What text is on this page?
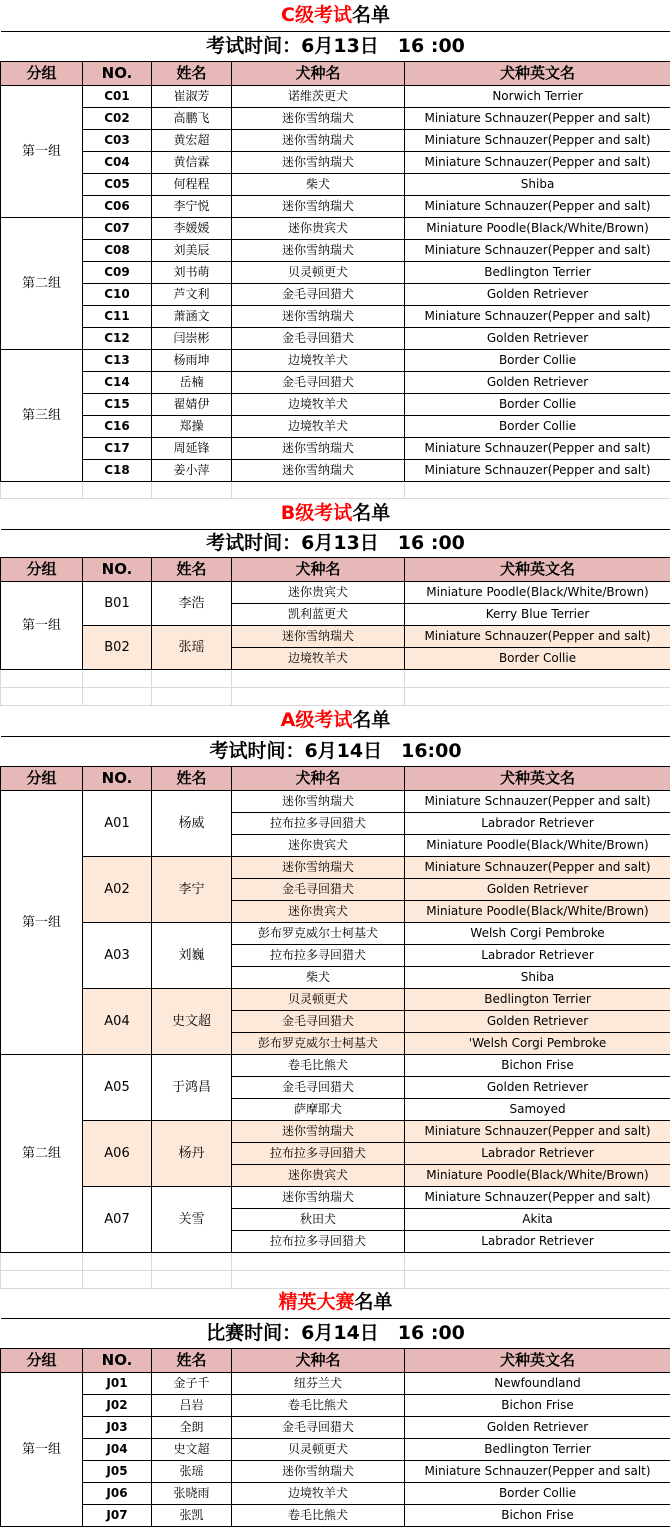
C级考试名单				
考试时间：6月13日　16 :00				
分组	NO.	姓名	犬种名	犬种英文名
第一组	C01	崔淑芳	诺维茨更犬	Norwich Terrier
	C02	高鹏飞	迷你雪纳瑞犬	Miniature Schnauzer(Pepper and salt)
	C03	黄宏超	迷你雪纳瑞犬	Miniature Schnauzer(Pepper and salt)
	C04	黄信霖	迷你雪纳瑞犬	Miniature Schnauzer(Pepper and salt)
	C05	何程程	柴犬	Shiba
	C06	李宁悦	迷你雪纳瑞犬	Miniature Schnauzer(Pepper and salt)
第二组	C07	李媛媛	迷你贵宾犬	Miniature Poodle(Black/White/Brown)
	C08	刘美辰	迷你雪纳瑞犬	Miniature Schnauzer(Pepper and salt)
	C09	刘书萌	贝灵顿更犬	Bedlington Terrier
	C10	芦文利	金毛寻回猎犬	Golden Retriever
	C11	萧涵文	迷你雪纳瑞犬	Miniature Schnauzer(Pepper and salt)
	C12	闫崇彬	金毛寻回猎犬	Golden Retriever
第三组	C13	杨雨坤	边境牧羊犬	Border Collie
	C14	岳楠	金毛寻回猎犬	Golden Retriever
	C15	翟婧伊	边境牧羊犬	Border Collie
	C16	郑操	边境牧羊犬	Border Collie
	C17	周延锋	迷你雪纳瑞犬	Miniature Schnauzer(Pepper and salt)
	C18	姜小萍	迷你雪纳瑞犬	Miniature Schnauzer(Pepper and salt)

B级考试名单				
考试时间：6月13日　16 :00				
分组	NO.	姓名	犬种名	犬种英文名
第一组	B01	李浩	迷你贵宾犬	Miniature Poodle(Black/White/Brown)
			凯利蓝更犬	Kerry Blue Terrier
	B02	张瑶	迷你雪纳瑞犬	Miniature Schnauzer(Pepper and salt)
			边境牧羊犬	Border Collie

A级考试名单				
考试时间：6月14日　16:00				
分组	NO.	姓名	犬种名	犬种英文名
第一组	A01	杨威	迷你雪纳瑞犬	Miniature Schnauzer(Pepper and salt)
			拉布拉多寻回猎犬	Labrador Retriever
			迷你贵宾犬	Miniature Poodle(Black/White/Brown)
	A02	李宁	迷你雪纳瑞犬	Miniature Schnauzer(Pepper and salt)
			金毛寻回猎犬	Golden Retriever
			迷你贵宾犬	Miniature Poodle(Black/White/Brown)
	A03	刘巍	彭布罗克威尔士柯基犬	Welsh Corgi Pembroke
			拉布拉多寻回猎犬	Labrador Retriever
			柴犬	Shiba
	A04	史文超	贝灵顿更犬	Bedlington Terrier
			金毛寻回猎犬	Golden Retriever
			彭布罗克威尔士柯基犬	'Welsh Corgi Pembroke
第二组	A05	于鸿昌	卷毛比熊犬	Bichon Frise
			金毛寻回猎犬	Golden Retriever
			萨摩耶犬	Samoyed
	A06	杨丹	迷你雪纳瑞犬	Miniature Schnauzer(Pepper and salt)
			拉布拉多寻回猎犬	Labrador Retriever
			迷你贵宾犬	Miniature Poodle(Black/White/Brown)
	A07	关雪	迷你雪纳瑞犬	Miniature Schnauzer(Pepper and salt)
			秋田犬	Akita
			拉布拉多寻回猎犬	Labrador Retriever

精英大赛名单				
比赛时间：6月14日　16 :00				
分组	NO.	姓名	犬种名	犬种英文名
第一组	J01	金子千	纽芬兰犬	Newfoundland
	J02	吕岩	卷毛比熊犬	Bichon Frise
	J03	全朗	金毛寻回猎犬	Golden Retriever
	J04	史文超	贝灵顿更犬	Bedlington Terrier
	J05	张瑶	迷你雪纳瑞犬	Miniature Schnauzer(Pepper and salt)
	J06	张晓雨	边境牧羊犬	Border Collie
	J07	张凯	卷毛比熊犬	Bichon Frise
